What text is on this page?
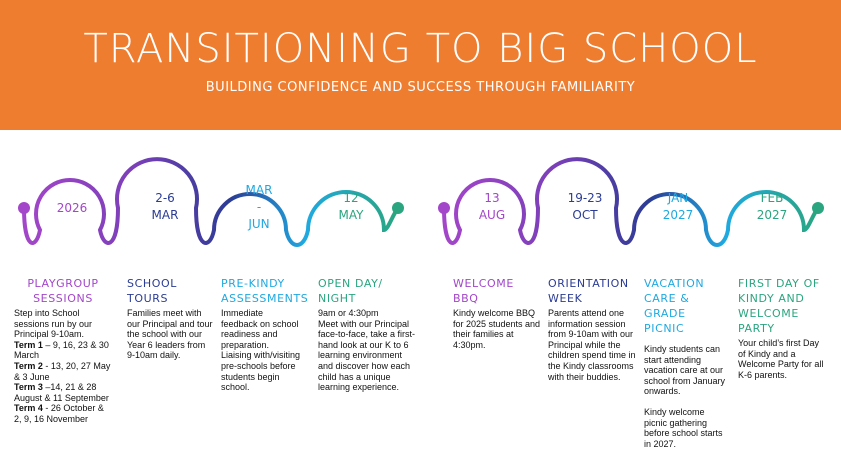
TRANSITIONING TO BIG SCHOOL
BUILDING CONFIDENCE AND SUCCESS THROUGH FAMILIARITY
2026
2-6
MAR
MAR
-
JUN
12
MAY
13
AUG
19-23
OCT
JAN
2027
FEB
2027
PLAYGROUP
SESSIONS
Step into School sessions run by our Principal 9-10am.
Term 1 – 9, 16, 23 & 30 March
Term 2 - 13, 20, 27 May & 3 June
Term 3 –14, 21 & 28 August & 11 September
Term 4 - 26 October & 2, 9, 16 November
SCHOOL
TOURS
Families meet with our Principal and tour the school with our Year 6 leaders from 9-10am daily.
PRE-KINDY
ASSESSMENTS
Immediate feedback on school readiness and preparation. Liaising with/visiting pre-schools before students begin school.
OPEN DAY/
NIGHT
9am or 4:30pm
Meet with our Principal face-to-face, take a first-hand look at our K to 6 learning environment and discover how each child has a unique learning experience.
WELCOME
BBQ
Kindy welcome BBQ for 2025 students and their families at 4:30pm.
ORIENTATION
WEEK
Parents attend one information session from 9-10am with our Principal while the children spend time in the Kindy classrooms with their buddies.
VACATION
CARE &
GRADE
PICNIC
Kindy students can start attending vacation care at our school from January onwards.
Kindy welcome picnic gathering before school starts in 2027.
FIRST DAY OF
KINDY AND
WELCOME
PARTY
Your child’s first Day of Kindy and a Welcome Party for all K-6 parents.
